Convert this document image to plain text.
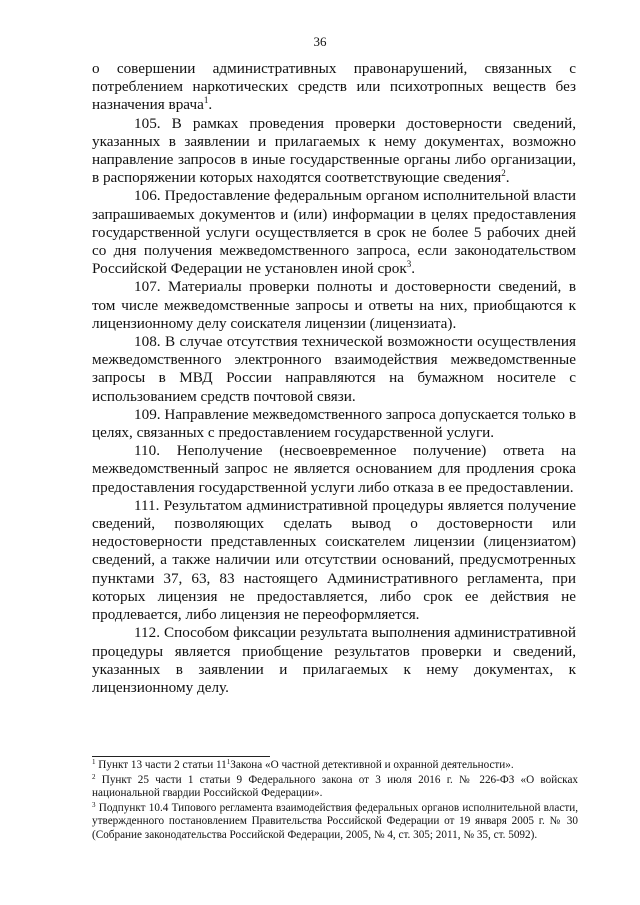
36

о совершении административных правонарушений, связанных с потреблением наркотических средств или психотропных веществ без назначения врача$^1$.

105. В рамках проведения проверки достоверности сведений, указанных в заявлении и прилагаемых к нему документах, возможно направление запросов в иные государственные органы либо организации, в распоряжении которых находятся соответствующие сведения$^2$.

106. Предоставление федеральным органом исполнительной власти запрашиваемых документов и (или) информации в целях предоставления государственной услуги осуществляется в срок не более 5 рабочих дней со дня получения межведомственного запроса, если законодательством Российской Федерации не установлен иной срок$^3$.

107. Материалы проверки полноты и достоверности сведений, в том числе межведомственные запросы и ответы на них, приобщаются к лицензионному делу соискателя лицензии (лицензиата).

108. В случае отсутствия технической возможности осуществления межведомственного электронного взаимодействия межведомственные запросы в МВД России направляются на бумажном носителе с использованием средств почтовой связи.

109. Направление межведомственного запроса допускается только в целях, связанных с предоставлением государственной услуги.

110. Неполучение (несвоевременное получение) ответа на межведомственный запрос не является основанием для продления срока предоставления государственной услуги либо отказа в ее предоставлении.

111. Результатом административной процедуры является получение сведений, позволяющих сделать вывод о достоверности или недостоверности представленных соискателем лицензии (лицензиатом) сведений, а также наличии или отсутствии оснований, предусмотренных пунктами 37, 63, 83 настоящего Административного регламента, при которых лицензия не предоставляется, либо срок ее действия не продлевается, либо лицензия не переоформляется.

112. Способом фиксации результата выполнения административной процедуры является приобщение результатов проверки и сведений, указанных в заявлении и прилагаемых к нему документах, к лицензионному делу.

$^1$ Пункт 13 части 2 статьи $11^1Закона$ «О частной детективной и охранной деятельности».

$^2$ Пункт 25 части 1 статьи 9 Федерального закона от 3 июля 2016 г. № 226-ФЗ «О войсках национальной гвардии Российской Федерации».

$^3$ Подпункт 10.4 Типового регламента взаимодействия федеральных органов исполнительной власти, утвержденного постановлением Правительства Российской Федерации от 19 января 2005 г. № 30 (Собрание законодательства Российской Федерации, 2005, № 4, ст. 305; 2011, № 35, ст. 5092).
